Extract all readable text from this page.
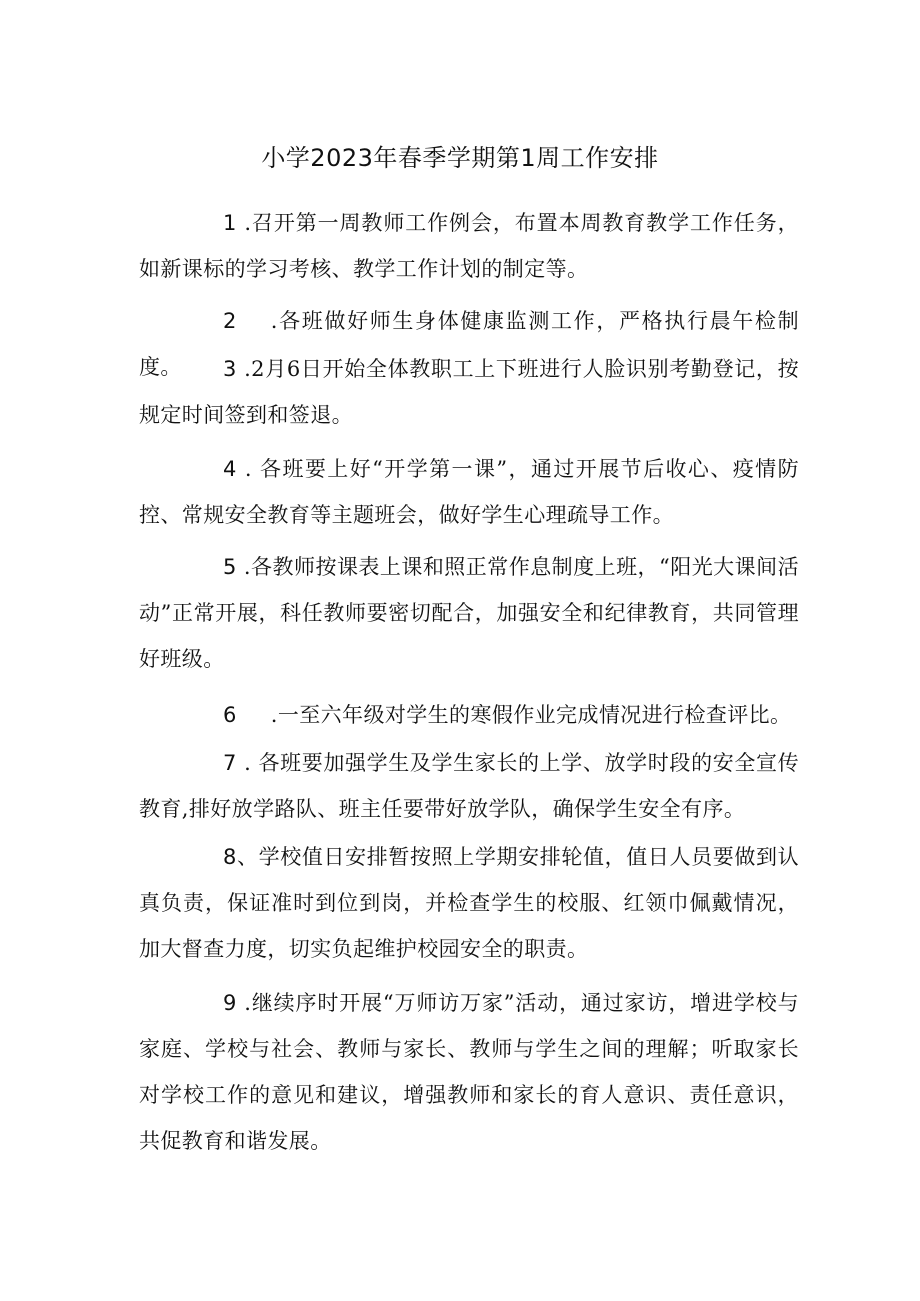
小学2023年春季学期第1周工作安排

1 .召开第一周教师工作例会，布置本周教育教学工作任务，如新课标的学习考核、教学工作计划的制定等。

2 .各班做好师生身体健康监测工作，严格执行晨午检制度。	3 .2月6日开始全体教职工上下班进行人脸识别考勤登记，按规定时间签到和签退。

4 . 各班要上好“开学第一课”，通过开展节后收心、疫情防控、常规安全教育等主题班会，做好学生心理疏导工作。

5 .各教师按课表上课和照正常作息制度上班，“阳光大课间活动”正常开展，科任教师要密切配合，加强安全和纪律教育，共同管理好班级。

6 .一至六年级对学生的寒假作业完成情况进行检查评比。

7 . 各班要加强学生及学生家长的上学、放学时段的安全宣传教育,排好放学路队、班主任要带好放学队，确保学生安全有序。

8、学校值日安排暂按照上学期安排轮值，值日人员要做到认真负责，保证准时到位到岗，并检查学生的校服、红领巾佩戴情况，加大督查力度，切实负起维护校园安全的职责。

9 .继续序时开展“万师访万家”活动，通过家访，增进学校与家庭、学校与社会、教师与家长、教师与学生之间的理解；听取家长对学校工作的意见和建议，增强教师和家长的育人意识、责任意识，共促教育和谐发展。
